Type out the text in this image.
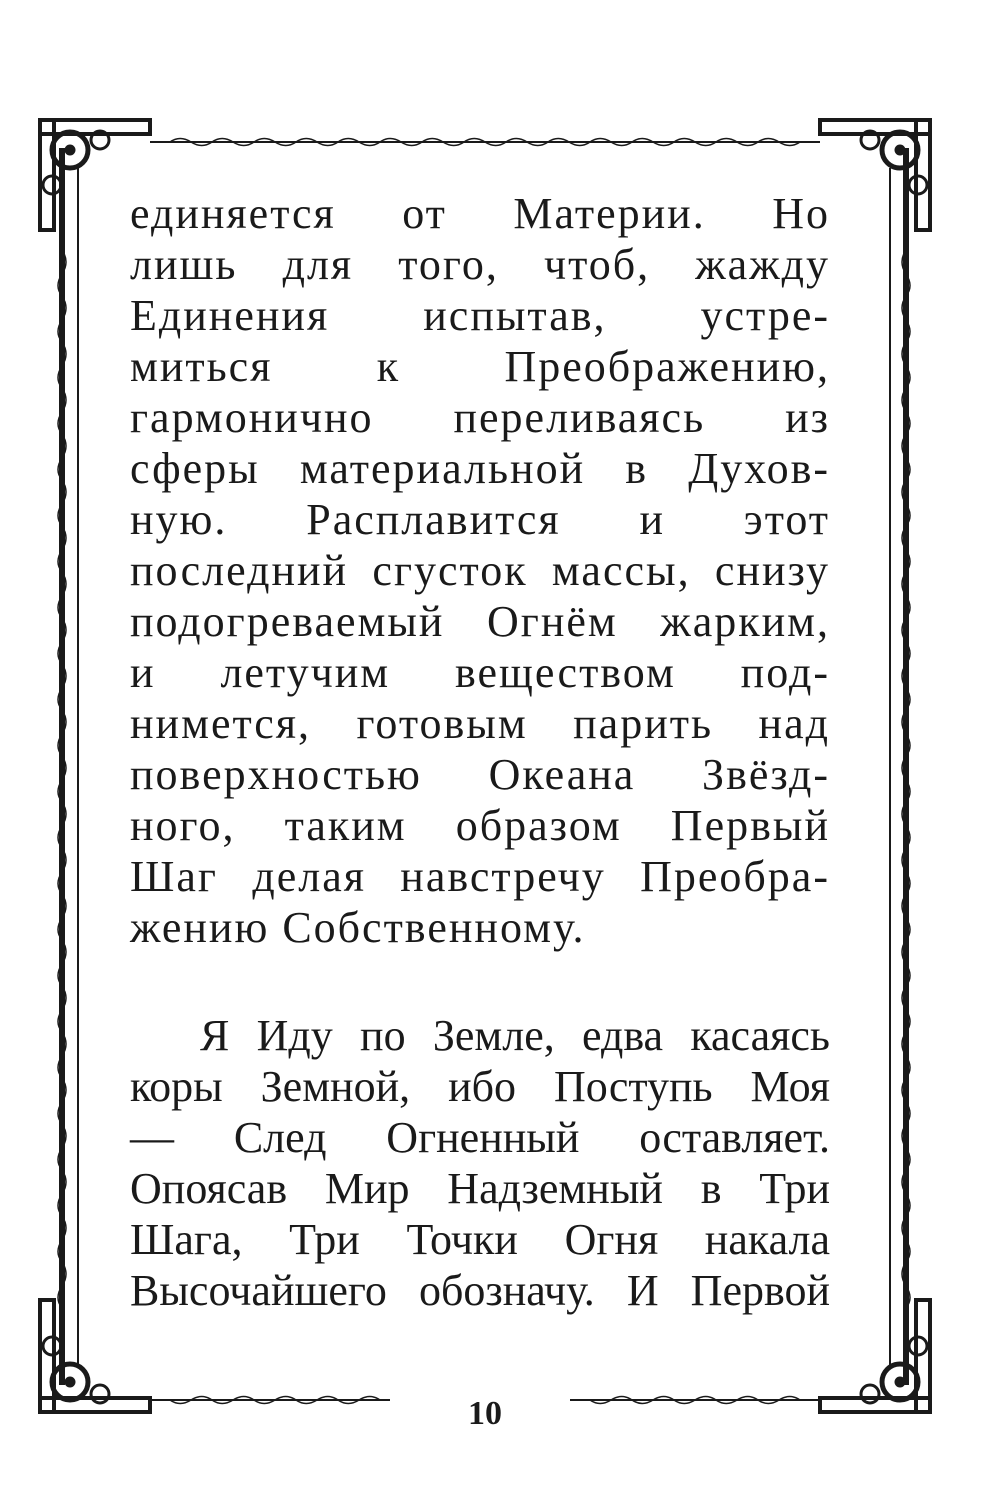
единяется от Материи. Но
лишь для того, чтоб, жажду
Единения испытав, устре-
миться к Преображению,
гармонично переливаясь из
сферы материальной в Духов-
ную. Расплавится и этот
последний сгусток массы, снизу
подогреваемый Огнём жарким,
и летучим веществом под-
нимется, готовым парить над
поверхностью Океана Звёзд-
ного, таким образом Первый
Шаг делая навстречу Преобра-
жению Собственному.
Я Иду по Земле, едва касаясь
коры Земной, ибо Поступь Моя
— След Огненный оставляет.
Опоясав Мир Надземный в Три
Шага, Три Точки Огня накала
Высочайшего обозначу. И Первой
10
